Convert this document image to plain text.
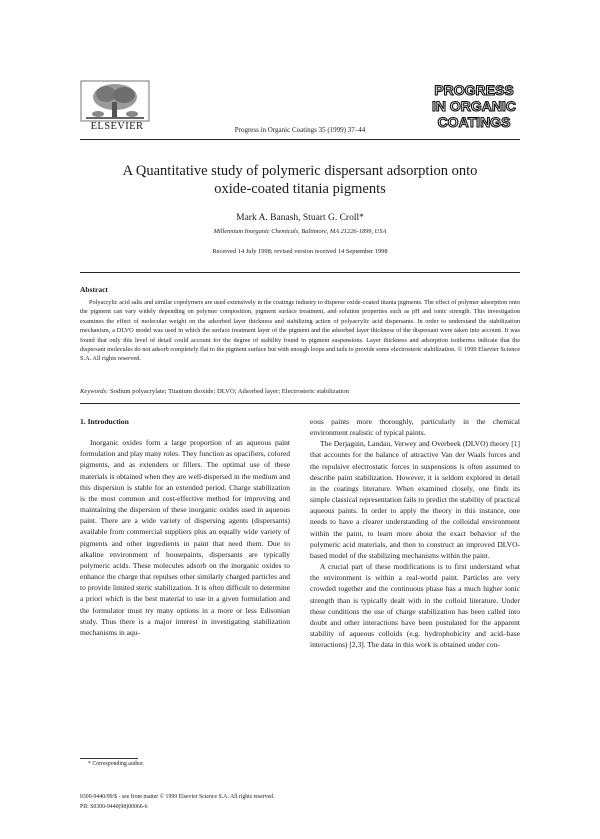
ELSEVIER	Progress in Organic Coatings 35 (1999) 37–44
PROGRESS
IN ORGANIC
COATINGS
A Quantitative study of polymeric dispersant adsorption onto
oxide-coated titania pigments
Mark A. Banash, Stuart G. Croll*
Millennium Inorganic Chemicals, Baltimore, MA 21226-1899, USA
Received 14 July 1998; revised version received 14 September 1998
Abstract
Polyacrylic acid salts and similar copolymers are used extensively in the coatings industry to disperse oxide-coated titania pigments. The effect of polymer adsorption onto the pigment can vary widely depending on polymer composition, pigment surface treatment, and solution properties such as pH and ionic strength. This investigation examines the effect of molecular weight on the adsorbed layer thickness and stabilizing action of polyacrylic acid dispersants. In order to understand the stabilization mechanism, a DLVO model was used in which the surface treatment layer of the pigment and the adsorbed layer thickness of the dispersant were taken into account. It was found that only this level of detail could account for the degree of stability found in pigment suspensions. Layer thickness and adsorption isotherms indicate that the dispersant molecules do not adsorb completely flat to the pigment surface but with enough loops and tails to provide some electrosteric stabilization. © 1999 Elsevier Science S.A. All rights reserved.
Keywords: Sodium polyacrylate; Titanium dioxide; DLVO; Adsorbed layer; Electrosteric stabilization

1. Introduction

Inorganic oxides form a large proportion of an aqueous paint formulation and play many roles. They function as opacifiers, colored pigments, and as extenders or fillers. The optimal use of these materials is obtained when they are well-dispersed in the medium and this dispersion is stable for an extended period. Charge stabilization is the most common and cost-effective method for improving and maintaining the dispersion of these inorganic oxides used in aqueous paint. There are a wide variety of dispersing agents (dispersants) available from commercial suppliers plus an equally wide variety of pigments and other ingredients in paint that need them. Due to alkaline environment of housepaints, dispersants are typically polymeric acids. These molecules adsorb on the inorganic oxides to enhance the charge that repulses other similarly charged particles and to provide limited steric stabilization. It is often difficult to determine a priori which is the best material to use in a given formulation and the formulator must try many options in a more or less Edisonian study. Thus there is a major interest in investigating stabilization mechanisms in aqu-

eous paints more thoroughly, particularly in the chemical environment realistic of typical paints.

The Derjaguin, Landau, Verwey and Overbeek (DLVO) theory [1] that accounts for the balance of attractive Van der Waals forces and the repulsive electrostatic forces in suspensions is often assumed to describe paint stabilization. However, it is seldom explored in detail in the coatings literature. When examined closely, one finds its simple classical representation fails to predict the stability of practical aqueous paints. In order to apply the theory in this instance, one needs to have a clearer understanding of the colloidal environment within the paint, to learn more about the exact behavior of the polymeric acid materials, and then to construct an improved DLVO-based model of the stabilizing mechanisms within the paint.

A crucial part of these modifications is to first understand what the environment is within a real-world paint. Particles are very crowded together and the continuous phase has a much higher ionic strength than is typically dealt with in the colloid literature. Under these conditions the use of charge stabilization has been called into doubt and other interactions have been postulated for the apparent stability of aqueous colloids (e.g. hydrophobicity and acid–base interactions) [2,3]. The data in this work is obtained under con-

* Corresponding author.
0300-9440/99/$ - see front matter © 1999 Elsevier Science S.A. All rights reserved.
PII: S0300-9440(98)00066-6
